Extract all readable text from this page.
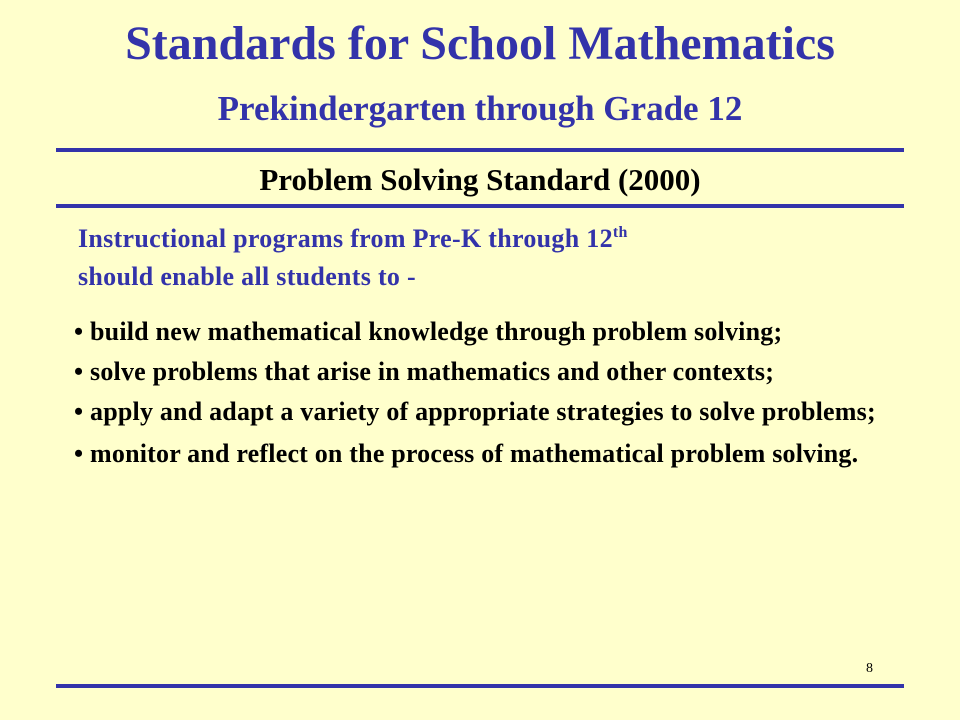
Standards for School Mathematics
Prekindergarten through Grade 12
Problem Solving Standard (2000)
Instructional programs from Pre-K through 12th
should enable all students to -
• build new mathematical knowledge through problem solving;
• solve problems that arise in mathematics and other contexts;
• apply and adapt a variety of appropriate strategies to solve problems;
• monitor and reflect on the process of mathematical problem solving.
8
